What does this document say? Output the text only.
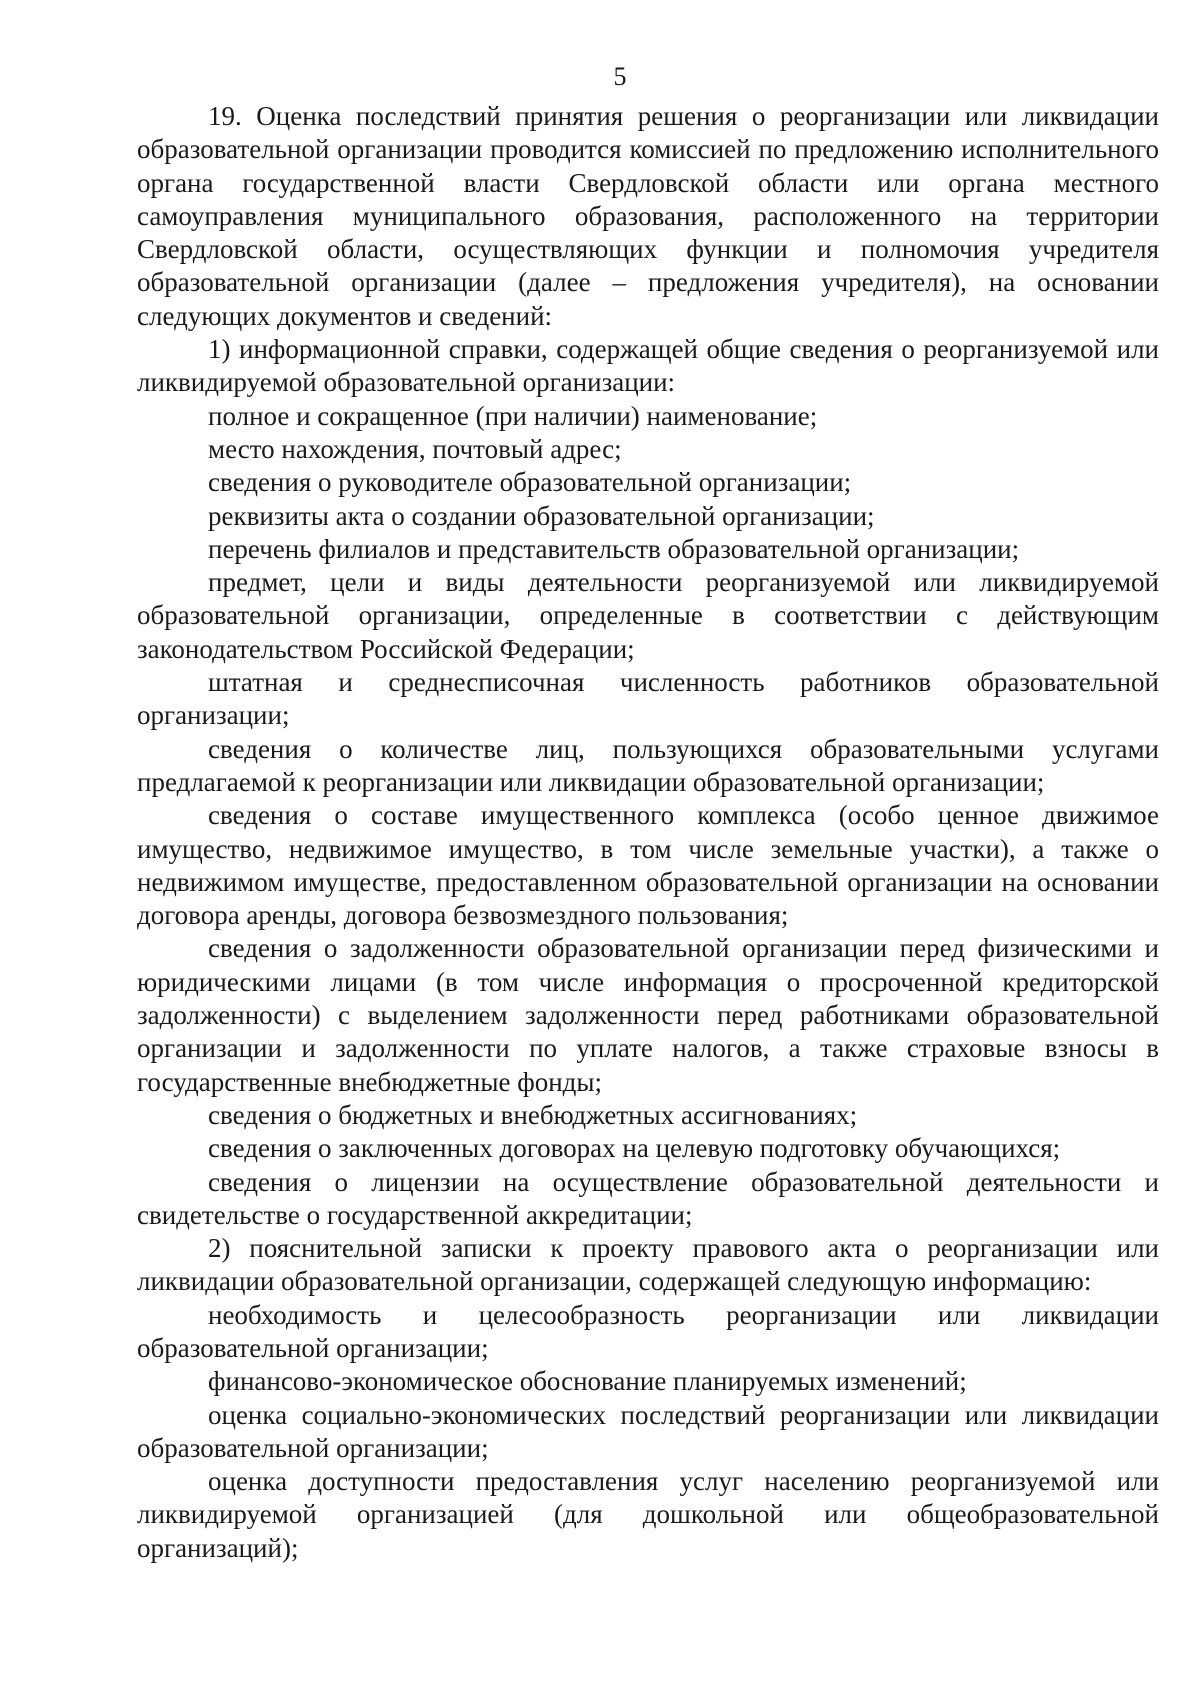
5

19. Оценка последствий принятия решения о реорганизации или ликвидации образовательной организации проводится комиссией по предложению исполнительного органа государственной власти Свердловской области или органа местного самоуправления муниципального образования, расположенного на территории Свердловской области, осуществляющих функции и полномочия учредителя образовательной организации (далее – предложения учредителя), на основании следующих документов и сведений:

1) информационной справки, содержащей общие сведения о реорганизуемой или ликвидируемой образовательной организации:

полное и сокращенное (при наличии) наименование;

место нахождения, почтовый адрес;

сведения о руководителе образовательной организации;

реквизиты акта о создании образовательной организации;

перечень филиалов и представительств образовательной организации;

предмет, цели и виды деятельности реорганизуемой или ликвидируемой образовательной организации, определенные в соответствии с действующим законодательством Российской Федерации;

штатная и среднесписочная численность работников образовательной организации;

сведения о количестве лиц, пользующихся образовательными услугами предлагаемой к реорганизации или ликвидации образовательной организации;

сведения о составе имущественного комплекса (особо ценное движимое имущество, недвижимое имущество, в том числе земельные участки), а также о недвижимом имуществе, предоставленном образовательной организации на основании договора аренды, договора безвозмездного пользования;

сведения о задолженности образовательной организации перед физическими и юридическими лицами (в том числе информация о просроченной кредиторской задолженности) с выделением задолженности перед работниками образовательной организации и задолженности по уплате налогов, а также страховые взносы в государственные внебюджетные фонды;

сведения о бюджетных и внебюджетных ассигнованиях;

сведения о заключенных договорах на целевую подготовку обучающихся;

сведения о лицензии на осуществление образовательной деятельности и свидетельстве о государственной аккредитации;

2) пояснительной записки к проекту правового акта о реорганизации или ликвидации образовательной организации, содержащей следующую информацию:

необходимость и целесообразность реорганизации или ликвидации образовательной организации;

финансово-экономическое обоснование планируемых изменений;

оценка социально-экономических последствий реорганизации или ликвидации образовательной организации;

оценка доступности предоставления услуг населению реорганизуемой или ликвидируемой организацией (для дошкольной или общеобразовательной организаций);
